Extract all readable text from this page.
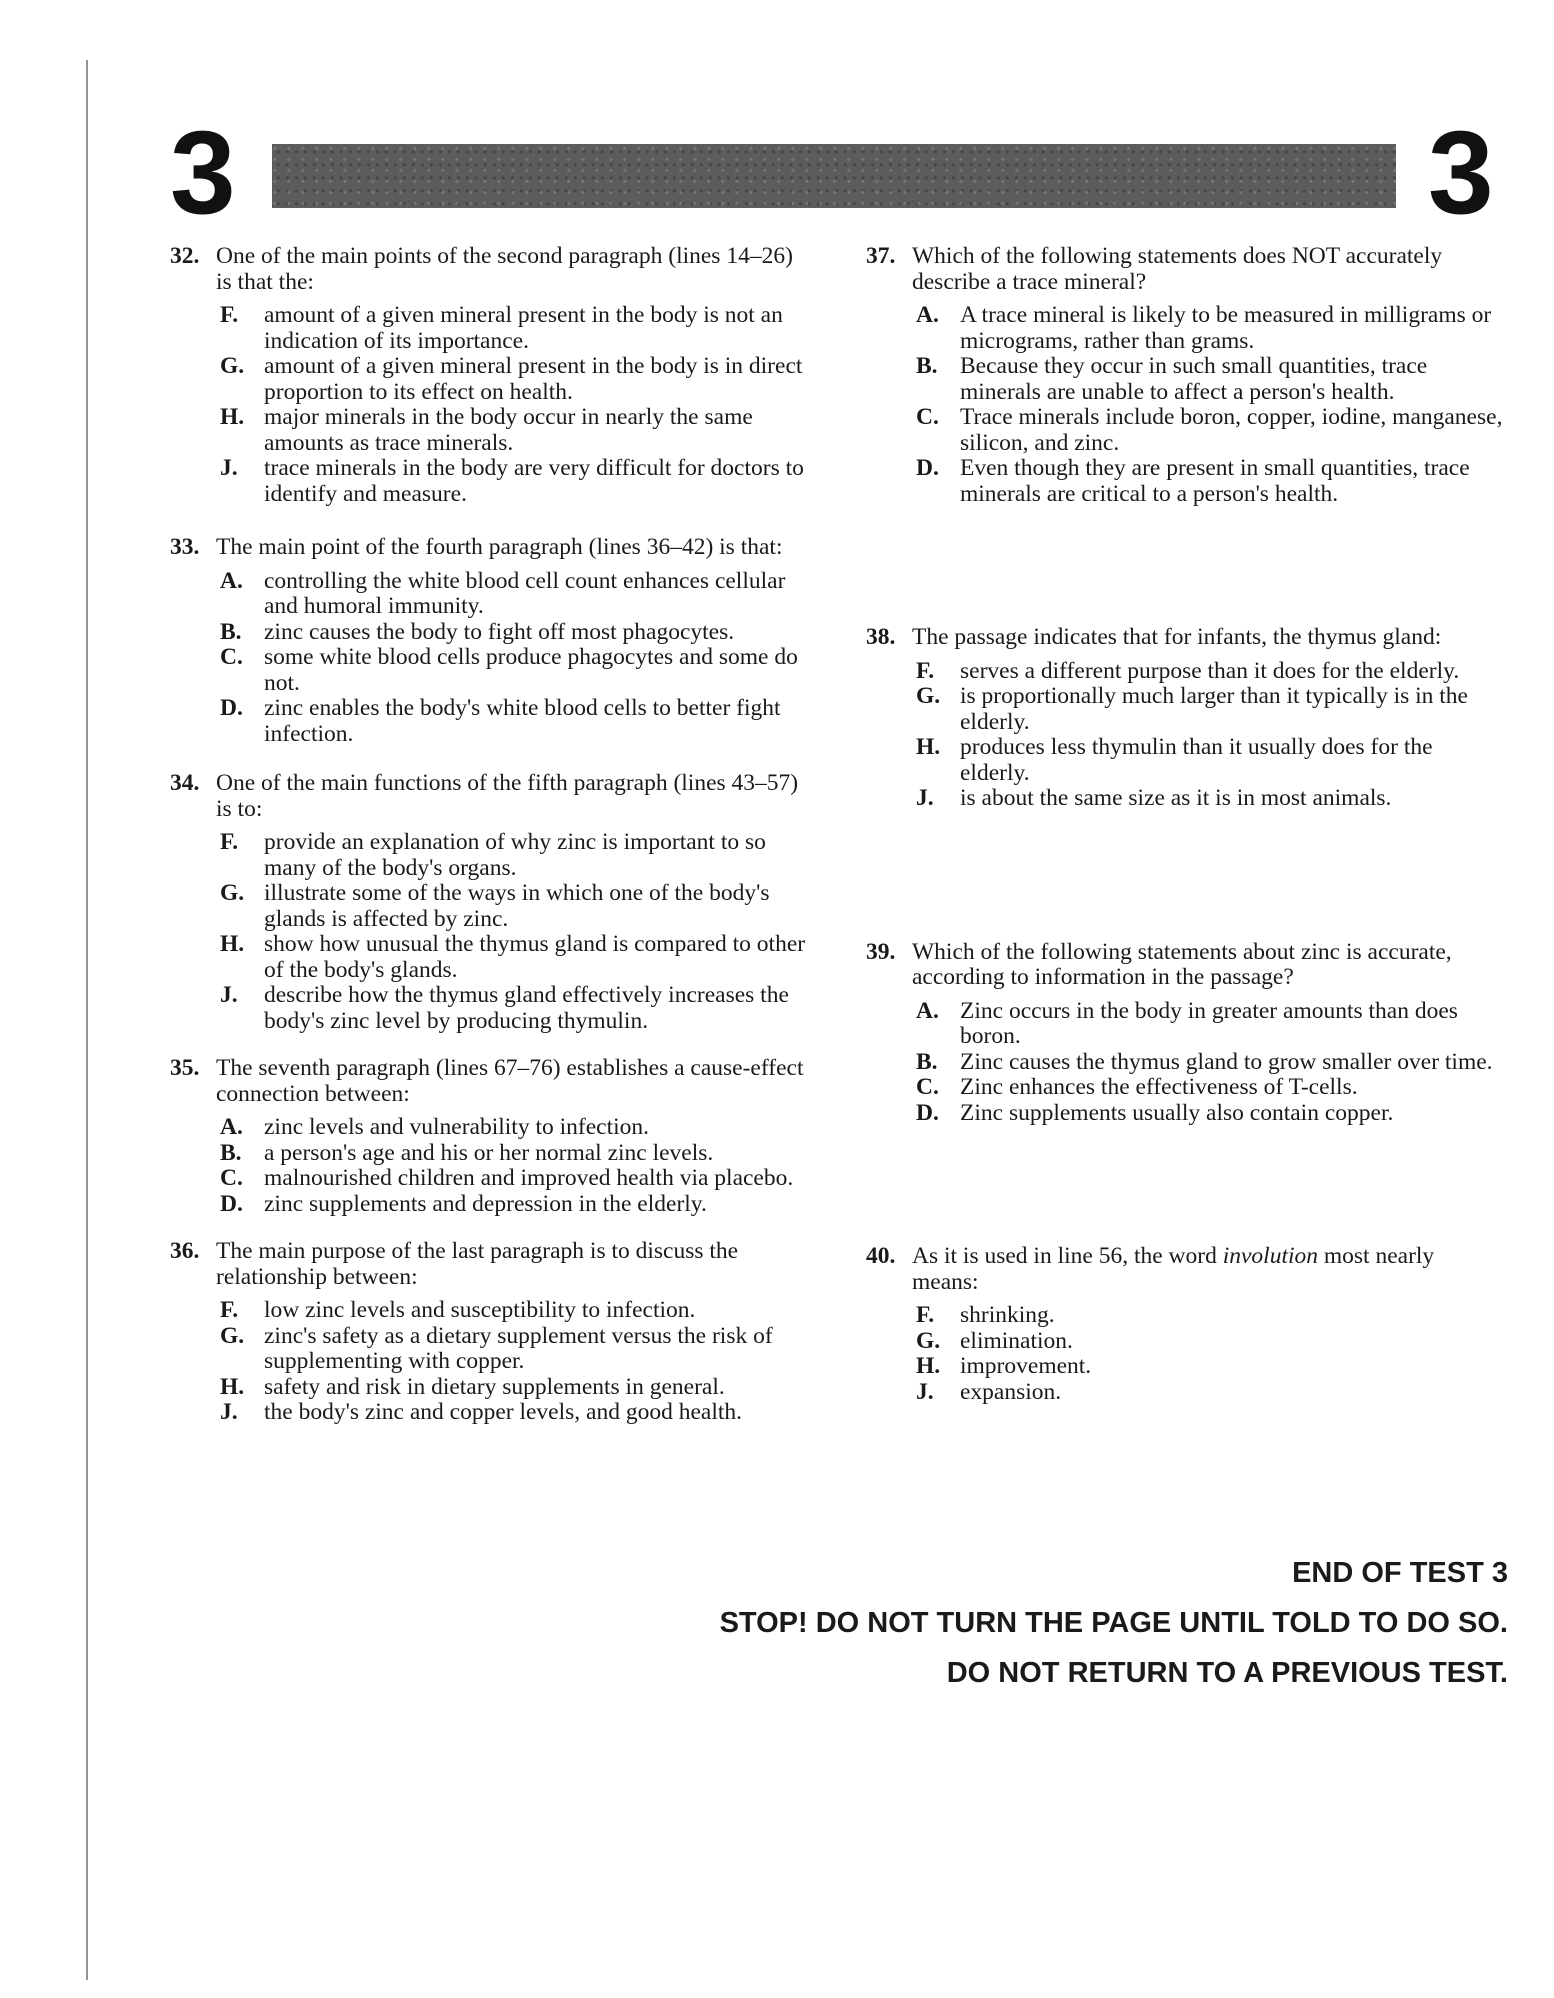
3	3
32. One of the main points of the second paragraph (lines 14–26) is that the:
F. amount of a given mineral present in the body is not an indication of its importance.
G. amount of a given mineral present in the body is in direct proportion to its effect on health.
H. major minerals in the body occur in nearly the same amounts as trace minerals.
J. trace minerals in the body are very difficult for doctors to identify and measure.
33. The main point of the fourth paragraph (lines 36–42) is that:
A. controlling the white blood cell count enhances cellular and humoral immunity.
B. zinc causes the body to fight off most phagocytes.
C. some white blood cells produce phagocytes and some do not.
D. zinc enables the body's white blood cells to better fight infection.
34. One of the main functions of the fifth paragraph (lines 43–57) is to:
F. provide an explanation of why zinc is important to so many of the body's organs.
G. illustrate some of the ways in which one of the body's glands is affected by zinc.
H. show how unusual the thymus gland is compared to other of the body's glands.
J. describe how the thymus gland effectively increases the body's zinc level by producing thymulin.
35. The seventh paragraph (lines 67–76) establishes a cause-effect connection between:
A. zinc levels and vulnerability to infection.
B. a person's age and his or her normal zinc levels.
C. malnourished children and improved health via placebo.
D. zinc supplements and depression in the elderly.
36. The main purpose of the last paragraph is to discuss the relationship between:
F. low zinc levels and susceptibility to infection.
G. zinc's safety as a dietary supplement versus the risk of supplementing with copper.
H. safety and risk in dietary supplements in general.
J. the body's zinc and copper levels, and good health.
37. Which of the following statements does NOT accurately describe a trace mineral?
A. A trace mineral is likely to be measured in milligrams or micrograms, rather than grams.
B. Because they occur in such small quantities, trace minerals are unable to affect a person's health.
C. Trace minerals include boron, copper, iodine, manganese, silicon, and zinc.
D. Even though they are present in small quantities, trace minerals are critical to a person's health.
38. The passage indicates that for infants, the thymus gland:
F. serves a different purpose than it does for the elderly.
G. is proportionally much larger than it typically is in the elderly.
H. produces less thymulin than it usually does for the elderly.
J. is about the same size as it is in most animals.
39. Which of the following statements about zinc is accurate, according to information in the passage?
A. Zinc occurs in the body in greater amounts than does boron.
B. Zinc causes the thymus gland to grow smaller over time.
C. Zinc enhances the effectiveness of T-cells.
D. Zinc supplements usually also contain copper.
40. As it is used in line 56, the word involution most nearly means:
F. shrinking.
G. elimination.
H. improvement.
J. expansion.
END OF TEST 3
STOP! DO NOT TURN THE PAGE UNTIL TOLD TO DO SO.
DO NOT RETURN TO A PREVIOUS TEST.
